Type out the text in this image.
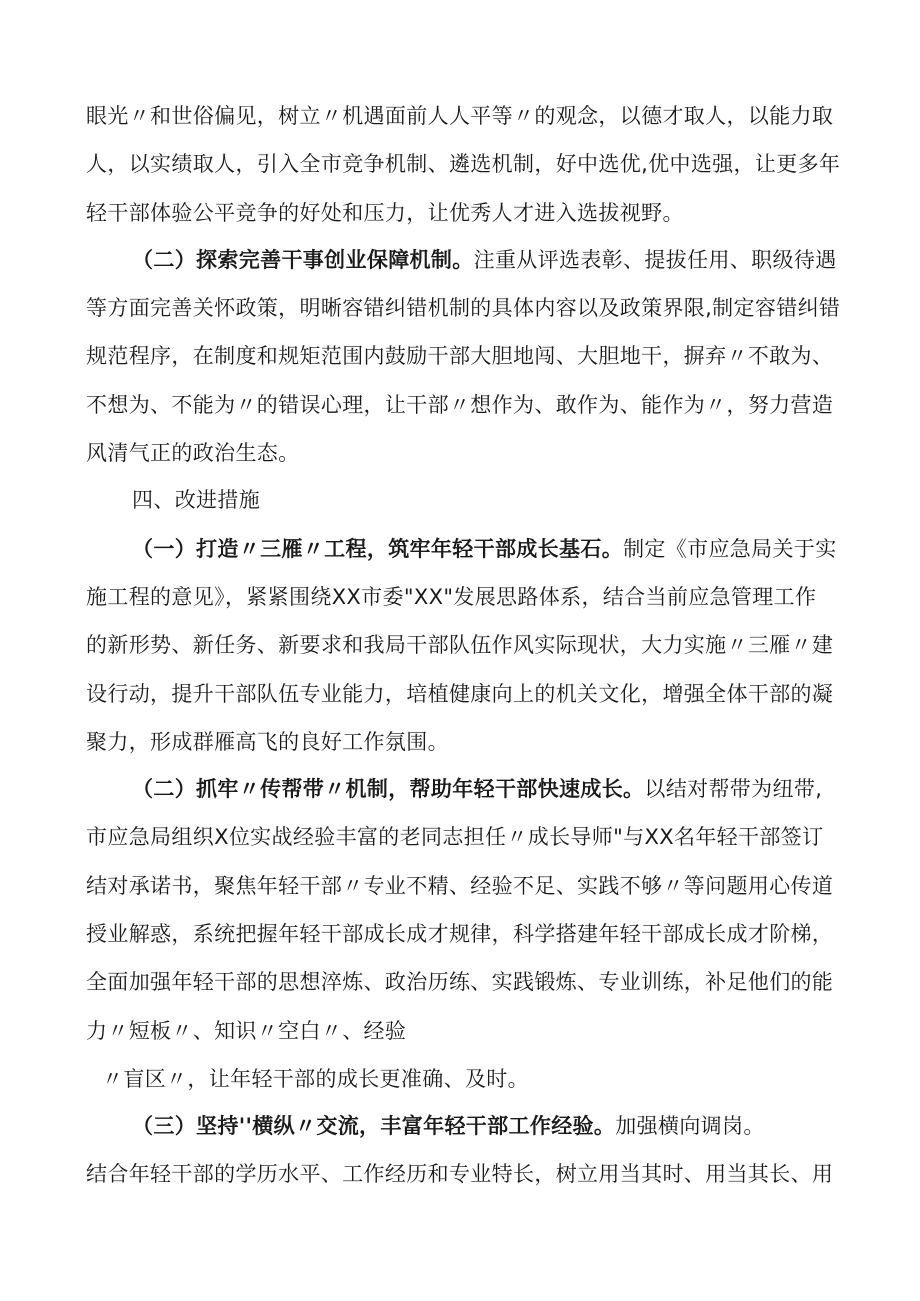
眼光〃和世俗偏见，树立〃机遇面前人人平等〃的观念，以德才取人，以能力取
人，以实绩取人，引入全市竞争机制、遴选机制，好中选优,优中选强，让更多年
轻干部体验公平竞争的好处和压力，让优秀人才进入选拔视野。
（二）探索完善干事创业保障机制。注重从评选表彰、提拔任用、职级待遇
等方面完善关怀政策，明晰容错纠错机制的具体内容以及政策界限,制定容错纠错
规范程序，在制度和规矩范围内鼓励干部大胆地闯、大胆地干，摒弃〃不敢为、
不想为、不能为〃的错误心理，让干部〃想作为、敢作为、能作为〃，努力营造
风清气正的政治生态。
四、改进措施
（一）打造〃三雁〃工程，筑牢年轻干部成长基石。制定《市应急局关于实
施工程的意见》，紧紧围绕XX市委"XX"发展思路体系，结合当前应急管理工作
的新形势、新任务、新要求和我局干部队伍作风实际现状，大力实施〃三雁〃建
设行动，提升干部队伍专业能力，培植健康向上的机关文化，增强全体干部的凝
聚力，形成群雁高飞的良好工作氛围。
（二）抓牢〃传帮带〃机制，帮助年轻干部快速成长。以结对帮带为纽带,
市应急局组织X位实战经验丰富的老同志担任〃成长导师"与XX名年轻干部签订
结对承诺书，聚焦年轻干部〃专业不精、经验不足、实践不够〃等问题用心传道
授业解惑，系统把握年轻干部成长成才规律，科学搭建年轻干部成长成才阶梯，
全面加强年轻干部的思想淬炼、政治历练、实践锻炼、专业训练，补足他们的能
力〃短板〃、知识〃空白〃、经验
〃盲区〃，让年轻干部的成长更准确、及时。
（三）坚持''横纵〃交流，丰富年轻干部工作经验。加强横向调岗。
结合年轻干部的学历水平、工作经历和专业特长，树立用当其时、用当其长、用
